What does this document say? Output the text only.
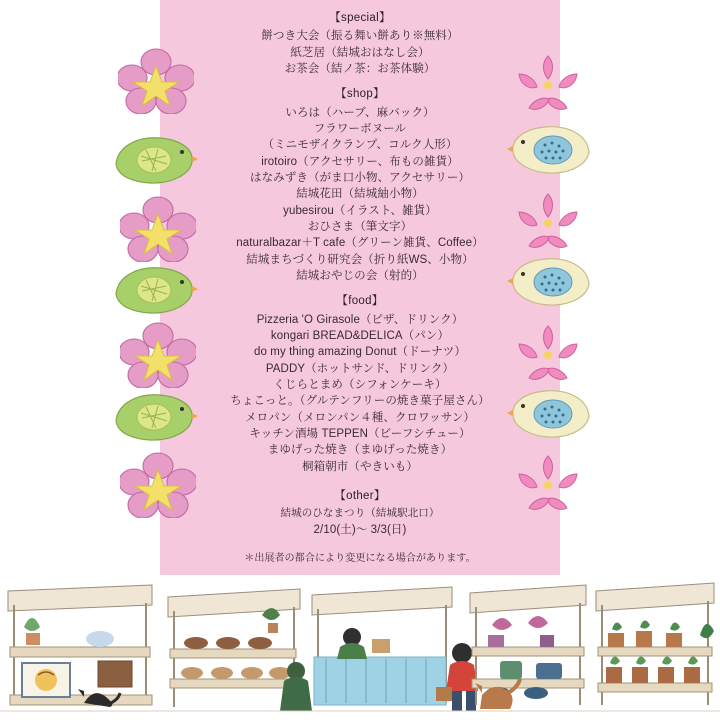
【special】
餅つき大会（振る舞い餅あり※無料）
紙芝居（結城おはなし会）
お茶会（結ノ茶：お茶体験）
【shop】
いろは（ハーブ、麻バック）
フラワーボヌール
（ミニモザイクランプ、コルク人形）
irotoiro（アクセサリー、布もの雑貨）
はなみずき（がま口小物、アクセサリー）
結城花田（結城紬小物）
yubesirou（イラスト、雑貨）
おひさま（筆文字）
naturalbazar＋T cafe（グリーン雑貨、Coffee）
結城まちづくり研究会（折り紙WS、小物）
結城おやじの会（射的）
【food】
Pizzeria 'O Girasole（ピザ、ドリンク）
kongari BREAD&DELICA（パン）
do my thing amazing Donut（ドーナツ）
PADDY（ホットサンド、ドリンク）
くじらとまめ（シフォンケーキ）
ちょこっと。（グルテンフリーの焼き菓子屋さん）
メロパン（メロンパン４種、クロワッサン）
キッチン酒場 TEPPEN（ビーフシチュー）
まゆげった焼き（まゆげった焼き）
桐箱朝市（やきいも）
【other】
結城のひなまつり（結城駅北口）
2/10(土)〜 3/3(日)
＊出展者の都合により変更になる場合があります。
